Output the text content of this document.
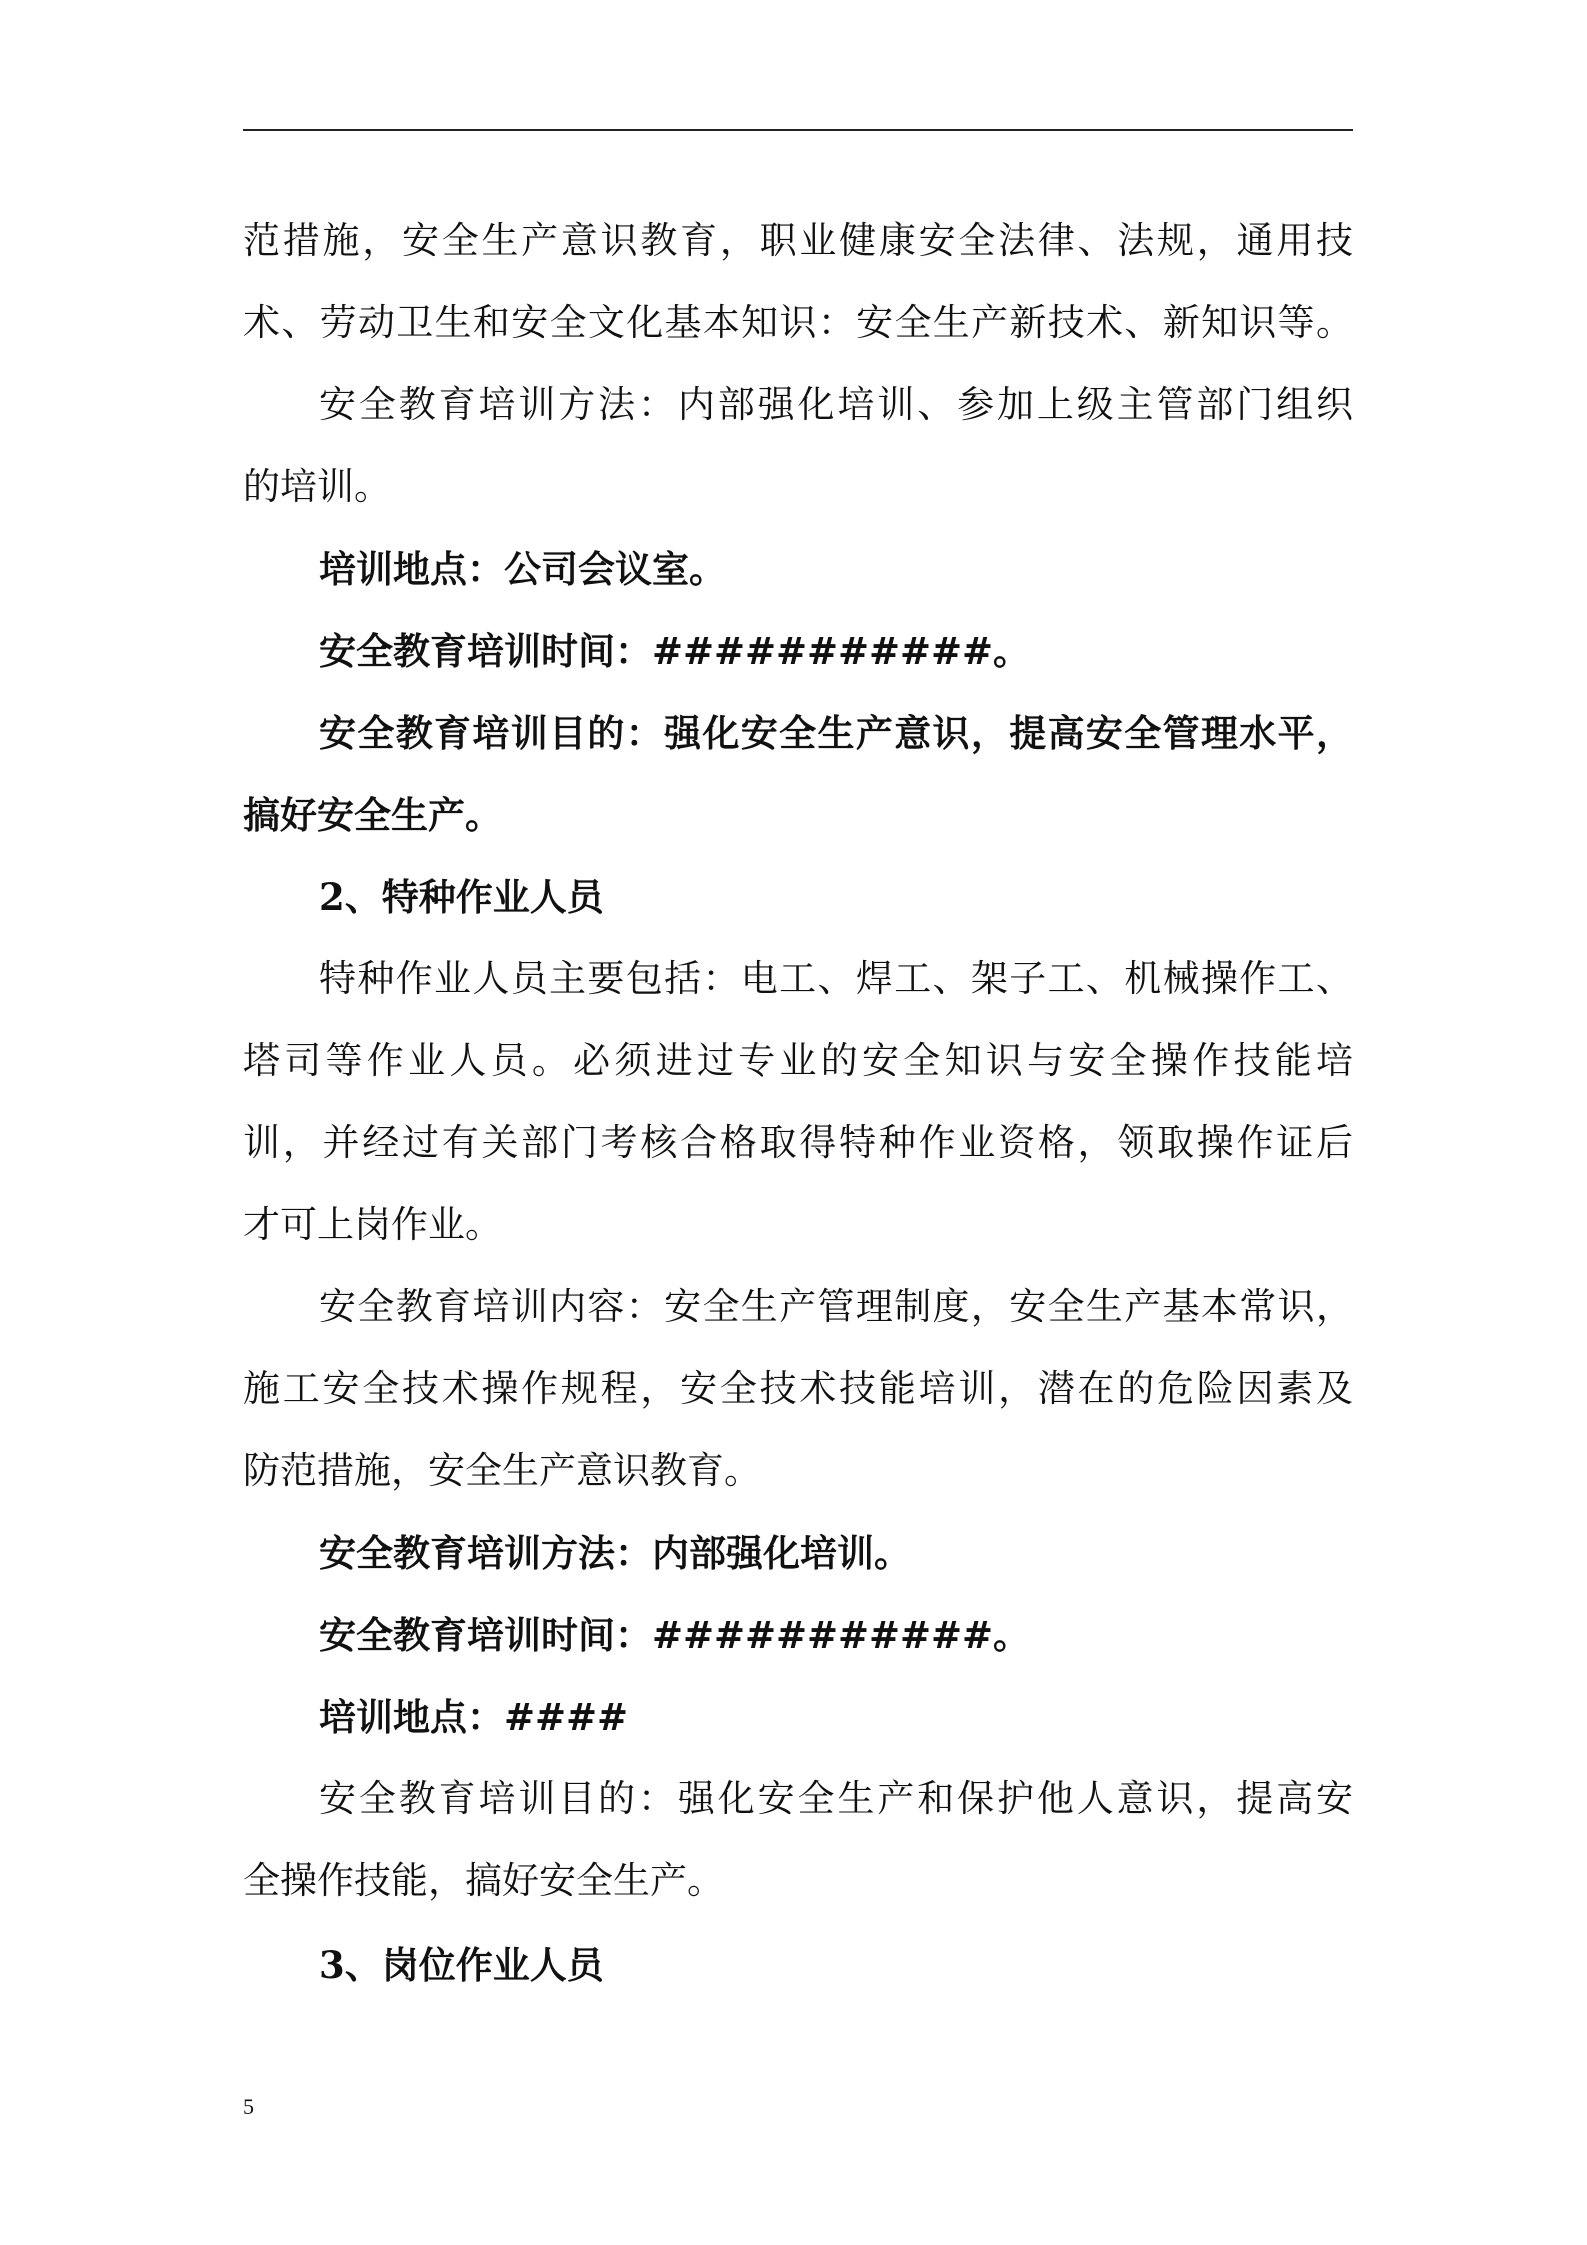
范措施，安全生产意识教育，职业健康安全法律、法规，通用技
术、劳动卫生和安全文化基本知识：安全生产新技术、新知识等。
安全教育培训方法：内部强化培训、参加上级主管部门组织
的培训。
培训地点：公司会议室。
安全教育培训时间：###########。
安全教育培训目的：强化安全生产意识，提高安全管理水平，
搞好安全生产。
2、特种作业人员
特种作业人员主要包括：电工、焊工、架子工、机械操作工、
塔司等作业人员。必须进过专业的安全知识与安全操作技能培
训，并经过有关部门考核合格取得特种作业资格，领取操作证后
才可上岗作业。
安全教育培训内容：安全生产管理制度，安全生产基本常识，
施工安全技术操作规程，安全技术技能培训，潜在的危险因素及
防范措施，安全生产意识教育。
安全教育培训方法：内部强化培训。
安全教育培训时间：###########。
培训地点：####
安全教育培训目的：强化安全生产和保护他人意识，提高安
全操作技能，搞好安全生产。
3、岗位作业人员
5
